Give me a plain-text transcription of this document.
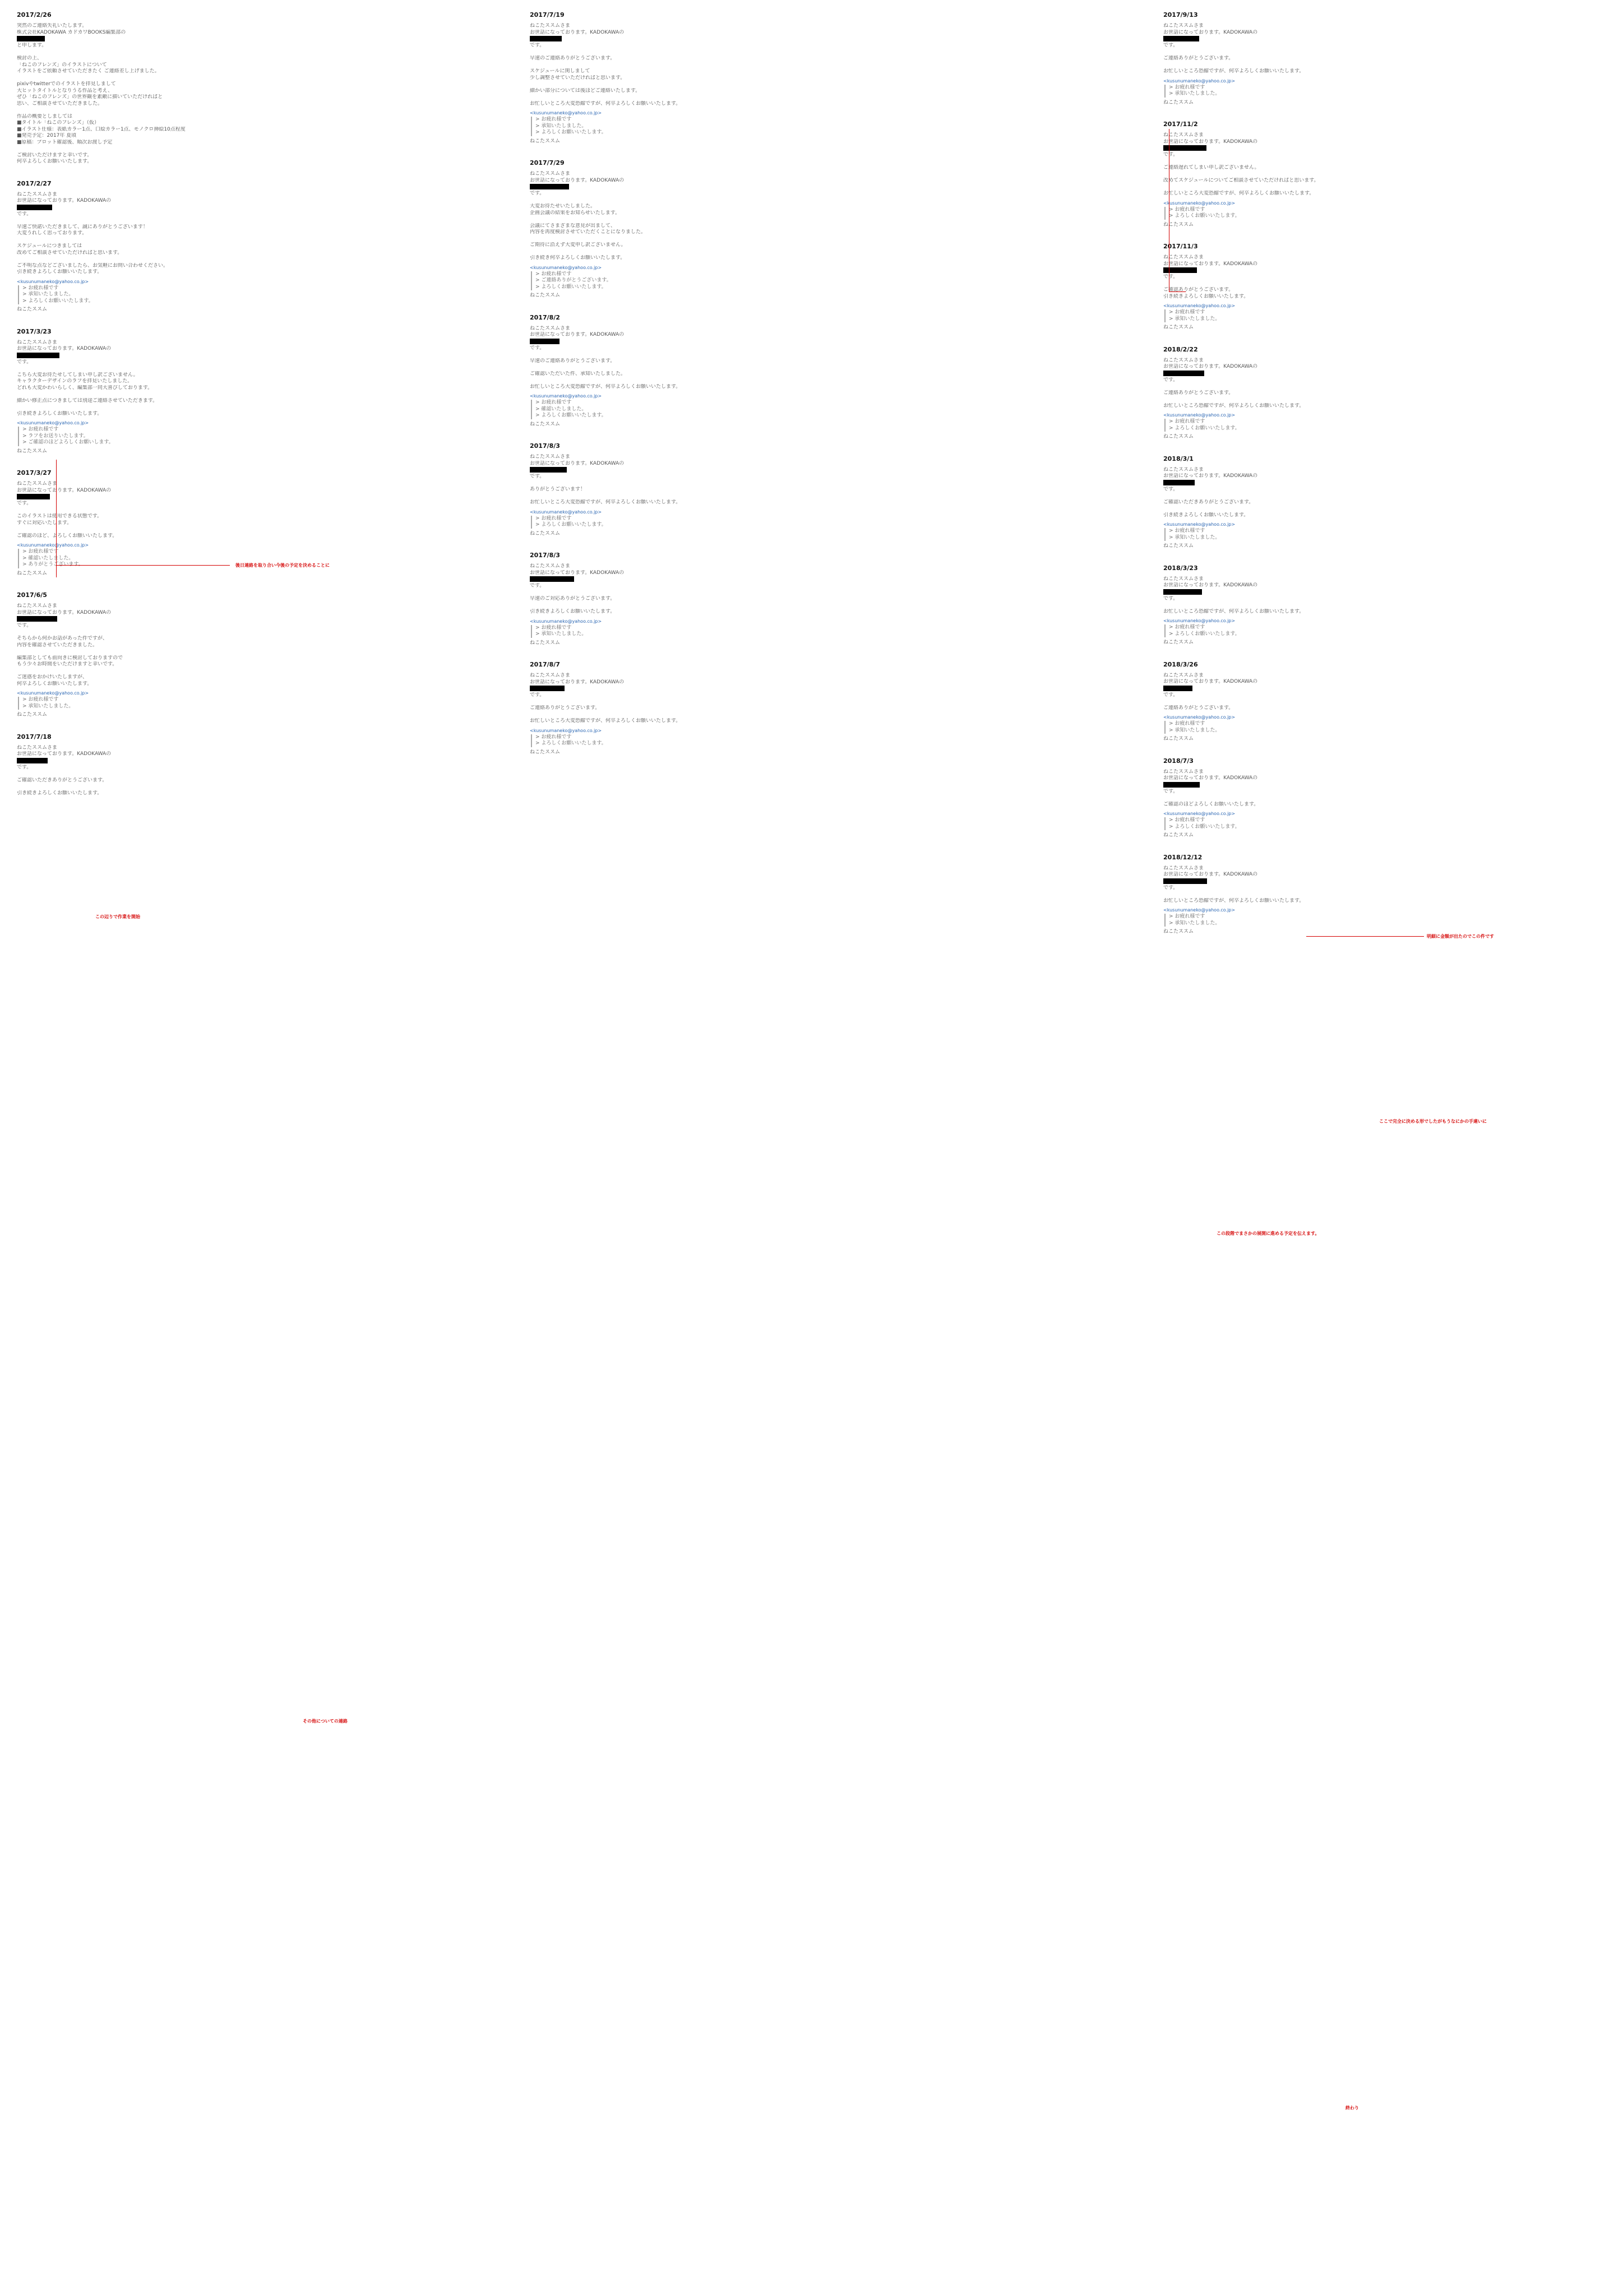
2017/2/26
突然のご連絡失礼いたします。
株式会社KADOKAWA カドカワBOOKS編集部の
と申します。

検討の上、
「ねこのフレンズ」のイラストについて
イラストをご依頼させていただきたく ご連絡差し上げました。

pixivやtwitterでのイラストを拝見しまして
大ヒットタイトルとなりうる作品と考え、
ぜひ「ねこのフレンズ」の世界観を素敵に描いていただければと
思い、ご相談させていただきました。

作品の概要としましては
■タイトル「ねこのフレンズ」（仮）
■イラスト仕様：表紙カラー1点、口絵カラー1点、モノクロ挿絵10点程度
■発売予定：2017年 夏頃
■原稿：プロット確認後、順次お渡し予定

ご検討いただけますと幸いです。
何卒よろしくお願いいたします。
2017/2/27
ねこたススムさま
お世話になっております。KADOKAWAの
です。

早速ご快諾いただきまして、誠にありがとうございます！
大変うれしく思っております。

スケジュールにつきましては
改めてご相談させていただければと思います。

ご不明な点などございましたら、お気軽にお問い合わせください。
引き続きよろしくお願いいたします。
<kusunumaneko@yahoo.co.jp>
> お疲れ様です
> 承知いたしました。
> よろしくお願いいたします。
ねこたススム
2017/3/23
ねこたススムさま
お世話になっております。KADOKAWAの
です。

こちら大変お待たせしてしまい申し訳ございません。
キャラクターデザインのラフを拝見いたしました。
どれも大変かわいらしく、編集部一同大喜びしております。

細かい修正点につきましては別途ご連絡させていただきます。

引き続きよろしくお願いいたします。
<kusunumaneko@yahoo.co.jp>
> お疲れ様です
> ラフをお送りいたします。
> ご確認のほどよろしくお願いします。
ねこたススム
2017/3/27
ねこたススムさま
お世話になっております。KADOKAWAの
です。

このイラストは使用できる状態です。
すぐに対応いたします。

ご確認のほど、よろしくお願いいたします。
<kusunumaneko@yahoo.co.jp>
> お疲れ様です
> 確認いたしました。
> ありがとうございます。
ねこたススム
2017/6/5
ねこたススムさま
お世話になっております。KADOKAWAの
です。

そちらから何かお話があった件ですが、
内容を確認させていただきました。

編集部としても前向きに検討しておりますので
もう少々お時間をいただけますと幸いです。

ご迷惑をおかけいたしますが、
何卒よろしくお願いいたします。
<kusunumaneko@yahoo.co.jp>
> お疲れ様です
> 承知いたしました。
ねこたススム
2017/7/18
ねこたススムさま
お世話になっております。KADOKAWAの
です。

ご確認いただきありがとうございます。

引き続きよろしくお願いいたします。
2017/7/19
ねこたススムさま
お世話になっております。KADOKAWAの
です。

早速のご連絡ありがとうございます。

スケジュールに関しまして
少し調整させていただければと思います。

細かい部分については後ほどご連絡いたします。

お忙しいところ大変恐縮ですが、何卒よろしくお願いいたします。
<kusunumaneko@yahoo.co.jp>
> お疲れ様です
> 承知いたしました。
> よろしくお願いいたします。
ねこたススム
2017/7/29
ねこたススムさま
お世話になっております。KADOKAWAの
です。

大変お待たせいたしました。
企画会議の結果をお知らせいたします。

会議にてさまざまな意見が出まして、
内容を再度検討させていただくことになりました。

ご期待に沿えず大変申し訳ございません。

引き続き何卒よろしくお願いいたします。
<kusunumaneko@yahoo.co.jp>
> お疲れ様です
> ご連絡ありがとうございます。
> よろしくお願いいたします。
ねこたススム
2017/8/2
ねこたススムさま
お世話になっております。KADOKAWAの
です。

早速のご連絡ありがとうございます。

ご確認いただいた件、承知いたしました。

お忙しいところ大変恐縮ですが、何卒よろしくお願いいたします。
<kusunumaneko@yahoo.co.jp>
> お疲れ様です
> 確認いたしました。
> よろしくお願いいたします。
ねこたススム
2017/8/3
ねこたススムさま
お世話になっております。KADOKAWAの
です。

ありがとうございます！

お忙しいところ大変恐縮ですが、何卒よろしくお願いいたします。
<kusunumaneko@yahoo.co.jp>
> お疲れ様です
> よろしくお願いいたします。
ねこたススム
2017/8/3
ねこたススムさま
お世話になっております。KADOKAWAの
です。

早速のご対応ありがとうございます。

引き続きよろしくお願いいたします。
<kusunumaneko@yahoo.co.jp>
> お疲れ様です
> 承知いたしました。
ねこたススム
2017/8/7
ねこたススムさま
お世話になっております。KADOKAWAの
です。

ご連絡ありがとうございます。

お忙しいところ大変恐縮ですが、何卒よろしくお願いいたします。
<kusunumaneko@yahoo.co.jp>
> お疲れ様です
> よろしくお願いいたします。
ねこたススム
2017/9/13
ねこたススムさま
お世話になっております。KADOKAWAの
です。

ご連絡ありがとうございます。

お忙しいところ恐縮ですが、何卒よろしくお願いいたします。
<kusunumaneko@yahoo.co.jp>
> お疲れ様です
> 承知いたしました。
ねこたススム
2017/11/2
ねこたススムさま
お世話になっております。KADOKAWAの
です。

ご連絡遅れてしまい申し訳ございません。

改めてスケジュールについてご相談させていただければと思います。

お忙しいところ大変恐縮ですが、何卒よろしくお願いいたします。
<kusunumaneko@yahoo.co.jp>
> お疲れ様です
> よろしくお願いいたします。
ねこたススム
2017/11/3
ねこたススムさま
お世話になっております。KADOKAWAの
です。

ご確認ありがとうございます。
引き続きよろしくお願いいたします。
<kusunumaneko@yahoo.co.jp>
> お疲れ様です
> 承知いたしました。
ねこたススム
2018/2/22
ねこたススムさま
お世話になっております。KADOKAWAの
です。

ご連絡ありがとうございます。

お忙しいところ恐縮ですが、何卒よろしくお願いいたします。
<kusunumaneko@yahoo.co.jp>
> お疲れ様です
> よろしくお願いいたします。
ねこたススム
2018/3/1
ねこたススムさま
お世話になっております。KADOKAWAの
です。

ご確認いただきありがとうございます。

引き続きよろしくお願いいたします。
<kusunumaneko@yahoo.co.jp>
> お疲れ様です
> 承知いたしました。
ねこたススム
2018/3/23
ねこたススムさま
お世話になっております。KADOKAWAの
です。

お忙しいところ恐縮ですが、何卒よろしくお願いいたします。
<kusunumaneko@yahoo.co.jp>
> お疲れ様です
> よろしくお願いいたします。
ねこたススム
2018/3/26
ねこたススムさま
お世話になっております。KADOKAWAの
です。

ご連絡ありがとうございます。
<kusunumaneko@yahoo.co.jp>
> お疲れ様です
> 承知いたしました。
ねこたススム
2018/7/3
ねこたススムさま
お世話になっております。KADOKAWAの
です。

ご確認のほどよろしくお願いいたします。
<kusunumaneko@yahoo.co.jp>
> お疲れ様です
> よろしくお願いいたします。
ねこたススム
2018/12/12
ねこたススムさま
お世話になっております。KADOKAWAの
です。

お忙しいところ恐縮ですが、何卒よろしくお願いいたします。
<kusunumaneko@yahoo.co.jp>
> お疲れ様です
> 承知いたしました。
ねこたススム
後日連絡を取り合い今後の予定を決めることに
この辺りで作業を開始
その他についての連絡
明細に金額が出たのでこの件です
ここで完全に決める形でしたがもうなにかの手違いに
この段階でまさかの展開に進める予定を伝えます。
終わり
